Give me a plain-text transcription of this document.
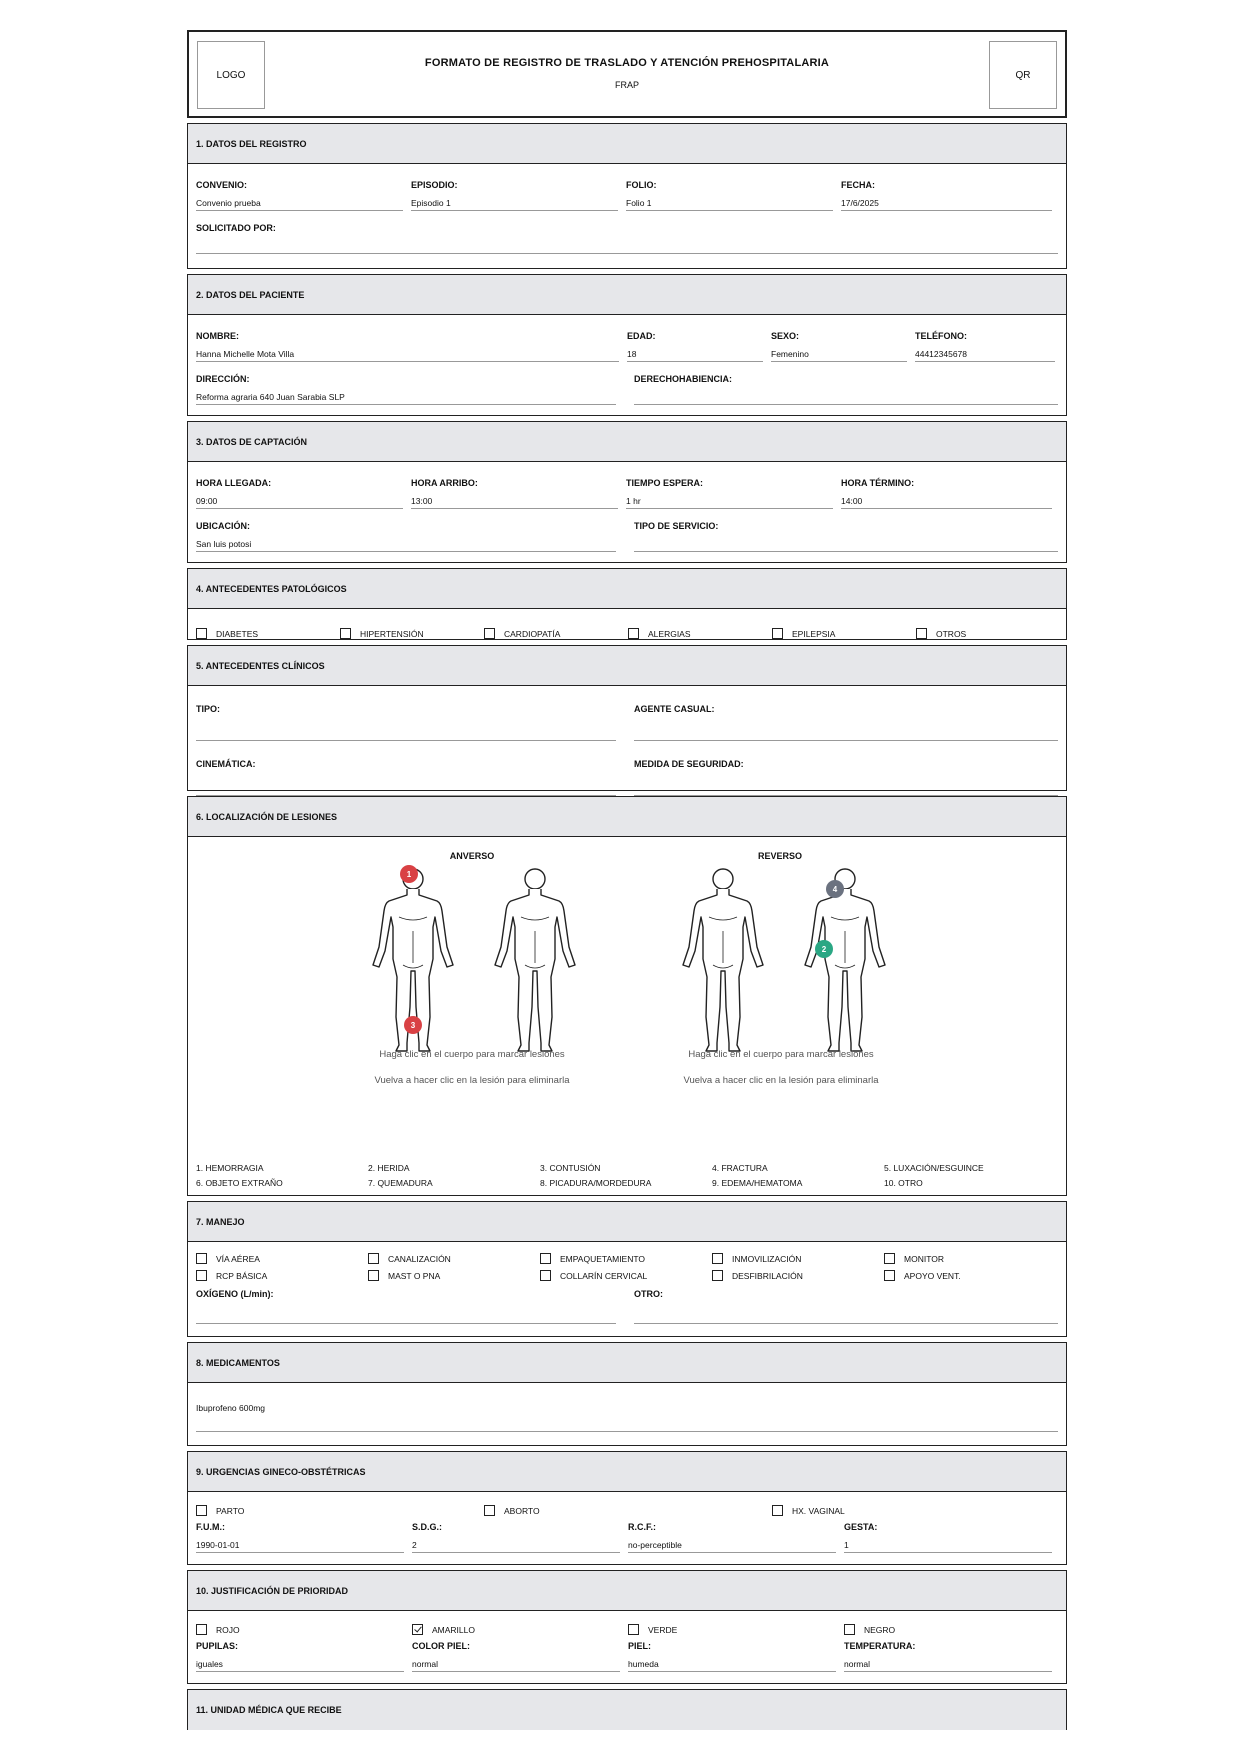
LOGO
FORMATO DE REGISTRO DE TRASLADO Y ATENCIÓN PREHOSPITALARIA
FRAP
QR
1. DATOS DEL REGISTRO
CONVENIO:
Convenio prueba
EPISODIO:
Episodio 1
FOLIO:
Folio 1
FECHA:
17/6/2025
SOLICITADO POR:
2. DATOS DEL PACIENTE
NOMBRE:
Hanna Michelle Mota Villa
EDAD:
18
SEXO:
Femenino
TELÉFONO:
44412345678
DIRECCIÓN:
Reforma agraria 640 Juan Sarabia SLP
DERECHOHABIENCIA:
3. DATOS DE CAPTACIÓN
HORA LLEGADA:
09:00
HORA ARRIBO:
13:00
TIEMPO ESPERA:
1 hr
HORA TÉRMINO:
14:00
UBICACIÓN:
San luis potosi
TIPO DE SERVICIO:
4. ANTECEDENTES PATOLÓGICOS
DIABETES	HIPERTENSIÓN	CARDIOPATÍA	ALERGIAS	EPILEPSIA	OTROS
5. ANTECEDENTES CLÍNICOS
TIPO:	AGENTE CASUAL:
CINEMÁTICA:	MEDIDA DE SEGURIDAD:
6. LOCALIZACIÓN DE LESIONES
ANVERSO	REVERSO
1
3
4
2
Haga clic en el cuerpo para marcar lesiones
Vuelva a hacer clic en la lesión para eliminarla
Haga clic en el cuerpo para marcar lesiones
Vuelva a hacer clic en la lesión para eliminarla
1. HEMORRAGIA	2. HERIDA	3. CONTUSIÓN	4. FRACTURA	5. LUXACIÓN/ESGUINCE
6. OBJETO EXTRAÑO	7. QUEMADURA	8. PICADURA/MORDEDURA	9. EDEMA/HEMATOMA	10. OTRO
7. MANEJO
VÍA AÉREA	CANALIZACIÓN	EMPAQUETAMIENTO	INMOVILIZACIÓN	MONITOR
RCP BÁSICA	MAST O PNA	COLLARÍN CERVICAL	DESFIBRILACIÓN	APOYO VENT.
OXÍGENO (L/min):	OTRO:
8. MEDICAMENTOS
Ibuprofeno 600mg
9. URGENCIAS GINECO-OBSTÉTRICAS
PARTO	ABORTO	HX. VAGINAL
F.U.M.:
1990-01-01
S.D.G.:
2
R.C.F.:
no-perceptible
GESTA:
1
10. JUSTIFICACIÓN DE PRIORIDAD
ROJO	AMARILLO	VERDE	NEGRO
PUPILAS:
iguales
COLOR PIEL:
normal
PIEL:
humeda
TEMPERATURA:
normal
11. UNIDAD MÉDICA QUE RECIBE
